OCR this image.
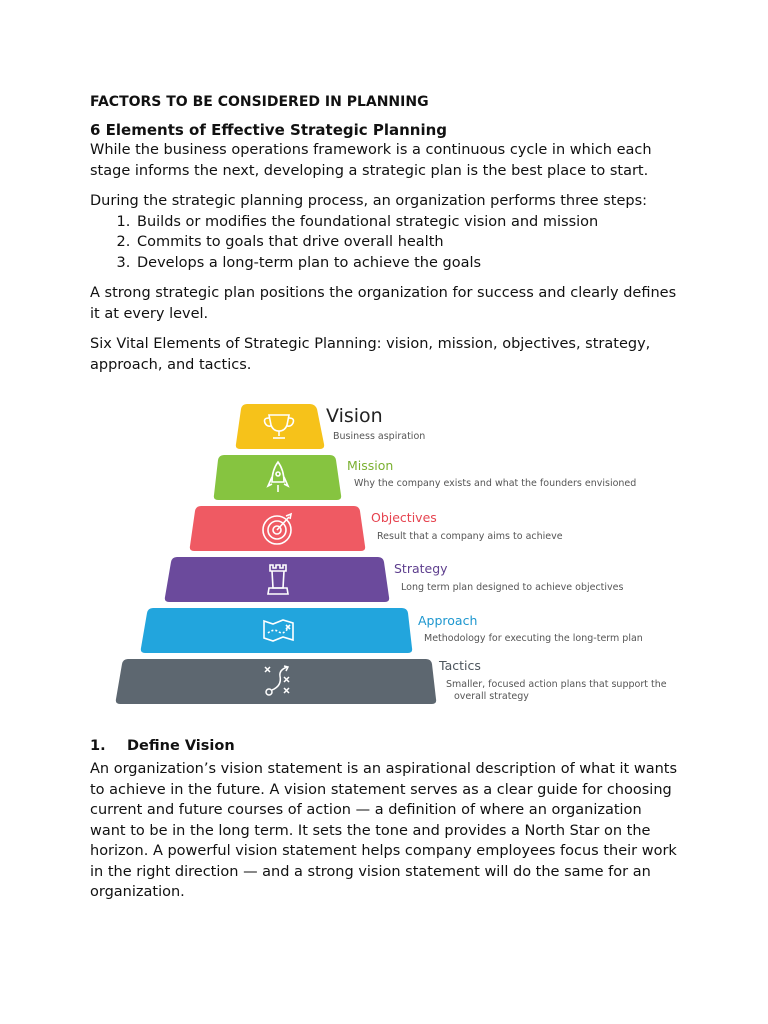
FACTORS TO BE CONSIDERED IN PLANNING
6 Elements of Effective Strategic Planning

While the business operations framework is a continuous cycle in which each stage informs the next, developing a strategic plan is the best place to start.

During the strategic planning process, an organization performs three steps:

1. Builds or modifies the foundational strategic vision and mission
2. Commits to goals that drive overall health
3. Develops a long-term plan to achieve the goals

A strong strategic plan positions the organization for success and clearly defines it at every level.

Six Vital Elements of Strategic Planning: vision, mission, objectives, strategy, approach, and tactics.

Vision
Business aspiration
Mission
Why the company exists and what the founders envisioned
Objectives
Result that a company aims to achieve
Strategy
Long term plan designed to achieve objectives
Approach
Methodology for executing the long-term plan
Tactics
Smaller, focused action plans that support the
overall strategy
1. Define Vision

An organization’s vision statement is an aspirational description of what it wants to achieve in the future. A vision statement serves as a clear guide for choosing current and future courses of action — a definition of where an organization want to be in the long term. It sets the tone and provides a North Star on the horizon. A powerful vision statement helps company employees focus their work in the right direction — and a strong vision statement will do the same for an organization.
